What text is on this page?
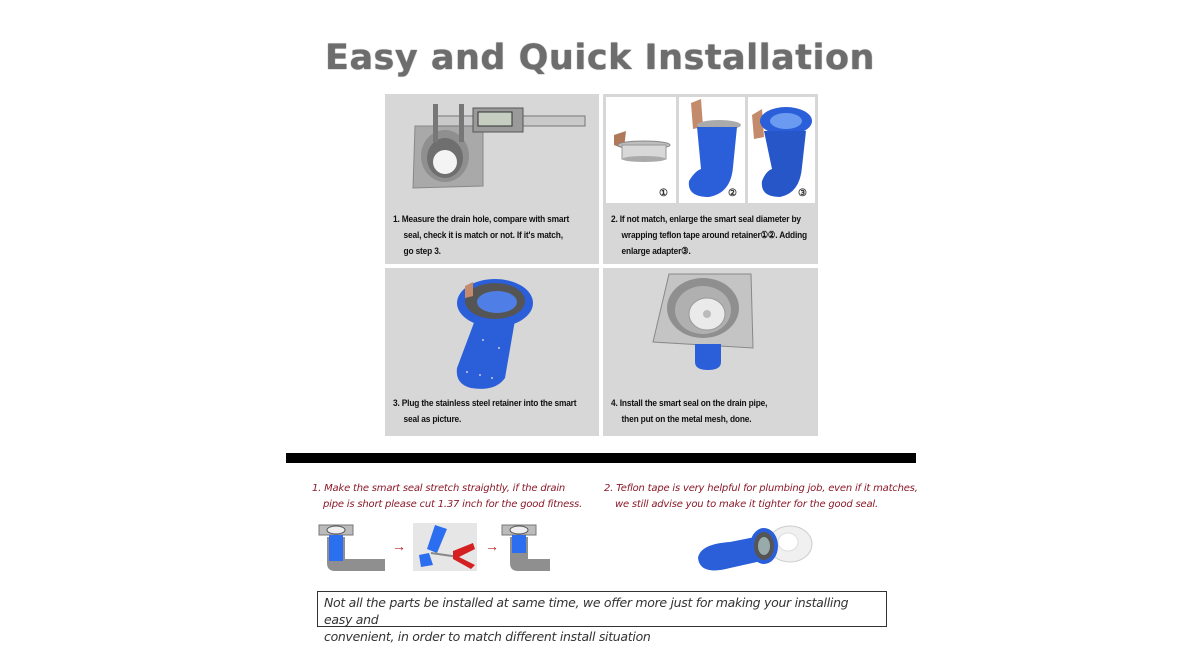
Easy and Quick Installation
1. Measure the drain hole, compare with smart
seal, check it is match or not. If it's match,
go step 3.
①	②	③
2. If not match, enlarge the smart seal diameter by
wrapping teflon tape around retainer①②. Adding
enlarge adapter③.
3. Plug the stainless steel retainer into the smart
seal as picture.
4. Install the smart seal on the drain pipe,
then put on the metal mesh, done.
1. Make the smart seal stretch straightly, if the drain
pipe is short please cut 1.37 inch for the good fitness.
2. Teflon tape is very helpful for plumbing job, even if it matches,
we still advise you to make it tighter for the good seal.
→	→
Not all the parts be installed at same time, we offer more just for making your installing easy and
convenient, in order to match different install situation
